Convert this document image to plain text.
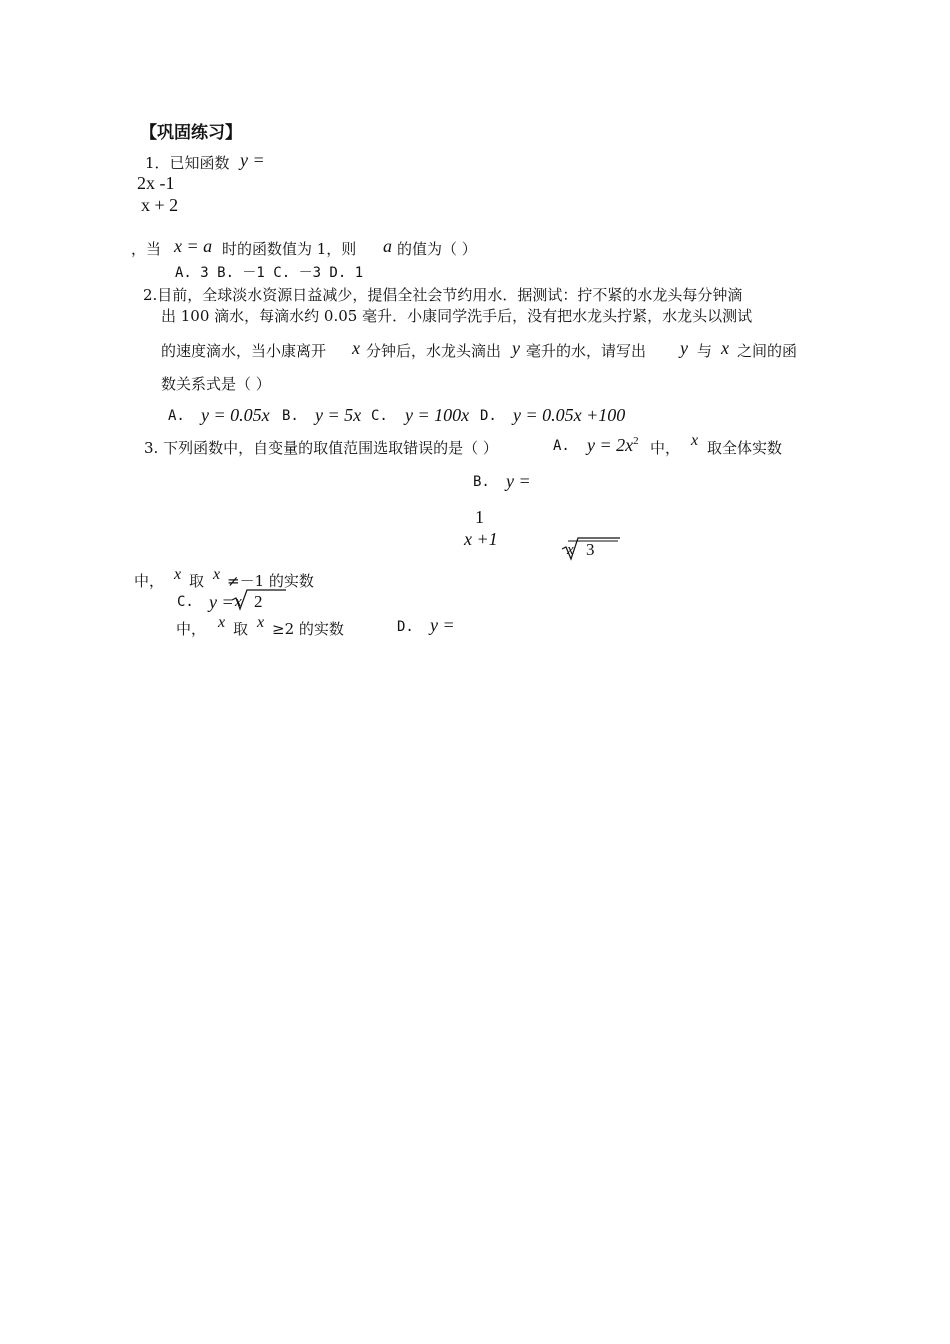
【巩固练习】
1．已知函数 y =
2x -1
x + 2
，当 x = a 时的函数值为 1，则 a 的值为（ ）
A. 3 B. －1 C. －3 D. 1
2.目前，全球淡水资源日益减少，提倡全社会节约用水．据测试：拧不紧的水龙头每分钟滴
出 100 滴水，每滴水约 0.05 毫升．小康同学洗手后，没有把水龙头拧紧，水龙头以测试
的速度滴水，当小康离开 x 分钟后，水龙头滴出 y 毫升的水，请写出 y 与 x 之间的函
数关系式是（ ）
A. y = 0.05x B. y = 5x C. y = 100x D. y = 0.05x +100
3. 下列函数中，自变量的取值范围选取错误的是（ ）	A. $y = 2x^2$ 中， x 取全体实数
B. y =
1
x +1
x 3
中， x 取 x ≠－1 的实数
C. y = x 2
中， x 取 x ≥2 的实数	D. y =
